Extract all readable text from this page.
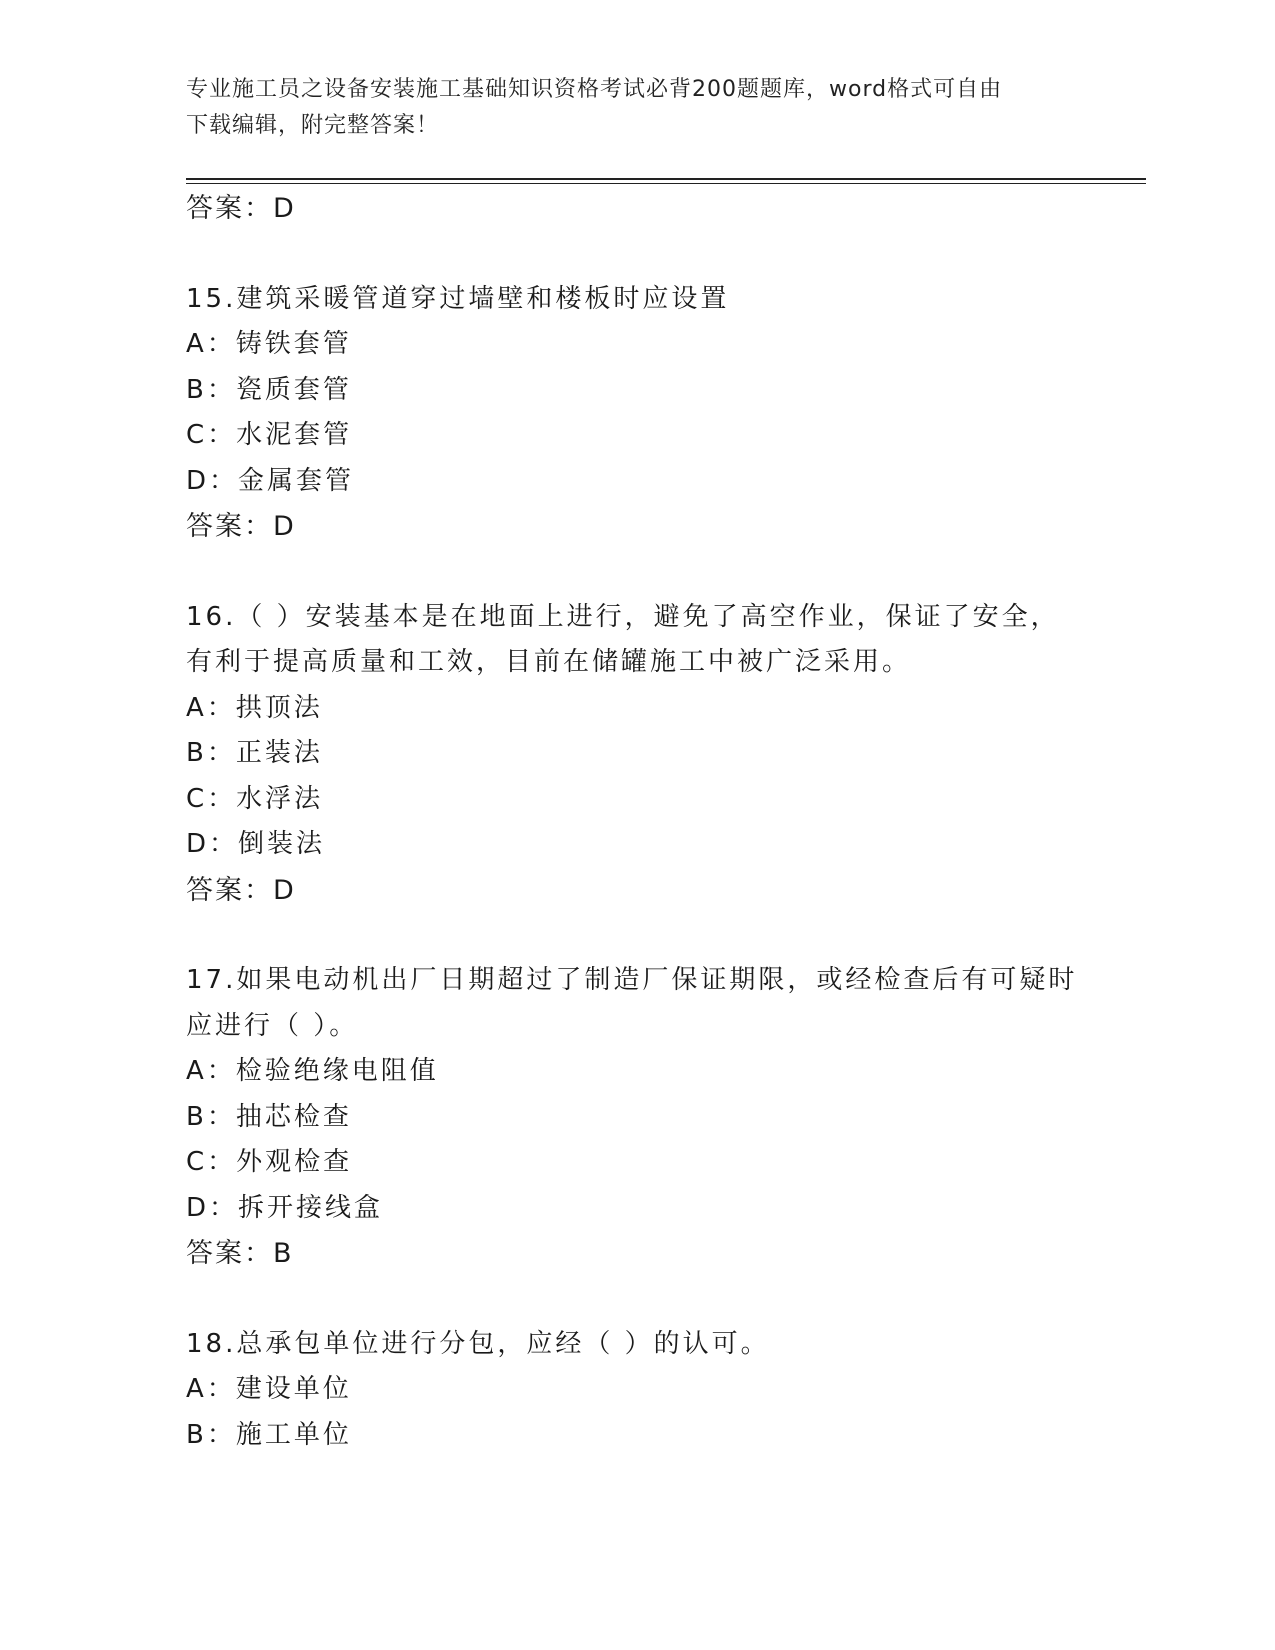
专业施工员之设备安装施工基础知识资格考试必背200题题库，word格式可自由
下载编辑，附完整答案！
答案：D
15.建筑采暖管道穿过墙壁和楼板时应设置
A：铸铁套管
B：瓷质套管
C：水泥套管
D：金属套管
答案：D
16.（ ）安装基本是在地面上进行，避免了高空作业，保证了安全，
有利于提高质量和工效，目前在储罐施工中被广泛采用。
A：拱顶法
B：正装法
C：水浮法
D：倒装法
答案：D
17.如果电动机出厂日期超过了制造厂保证期限，或经检查后有可疑时
应进行（ ）。
A：检验绝缘电阻值
B：抽芯检查
C：外观检查
D：拆开接线盒
答案：B
18.总承包单位进行分包，应经（ ）的认可。
A：建设单位
B：施工单位
